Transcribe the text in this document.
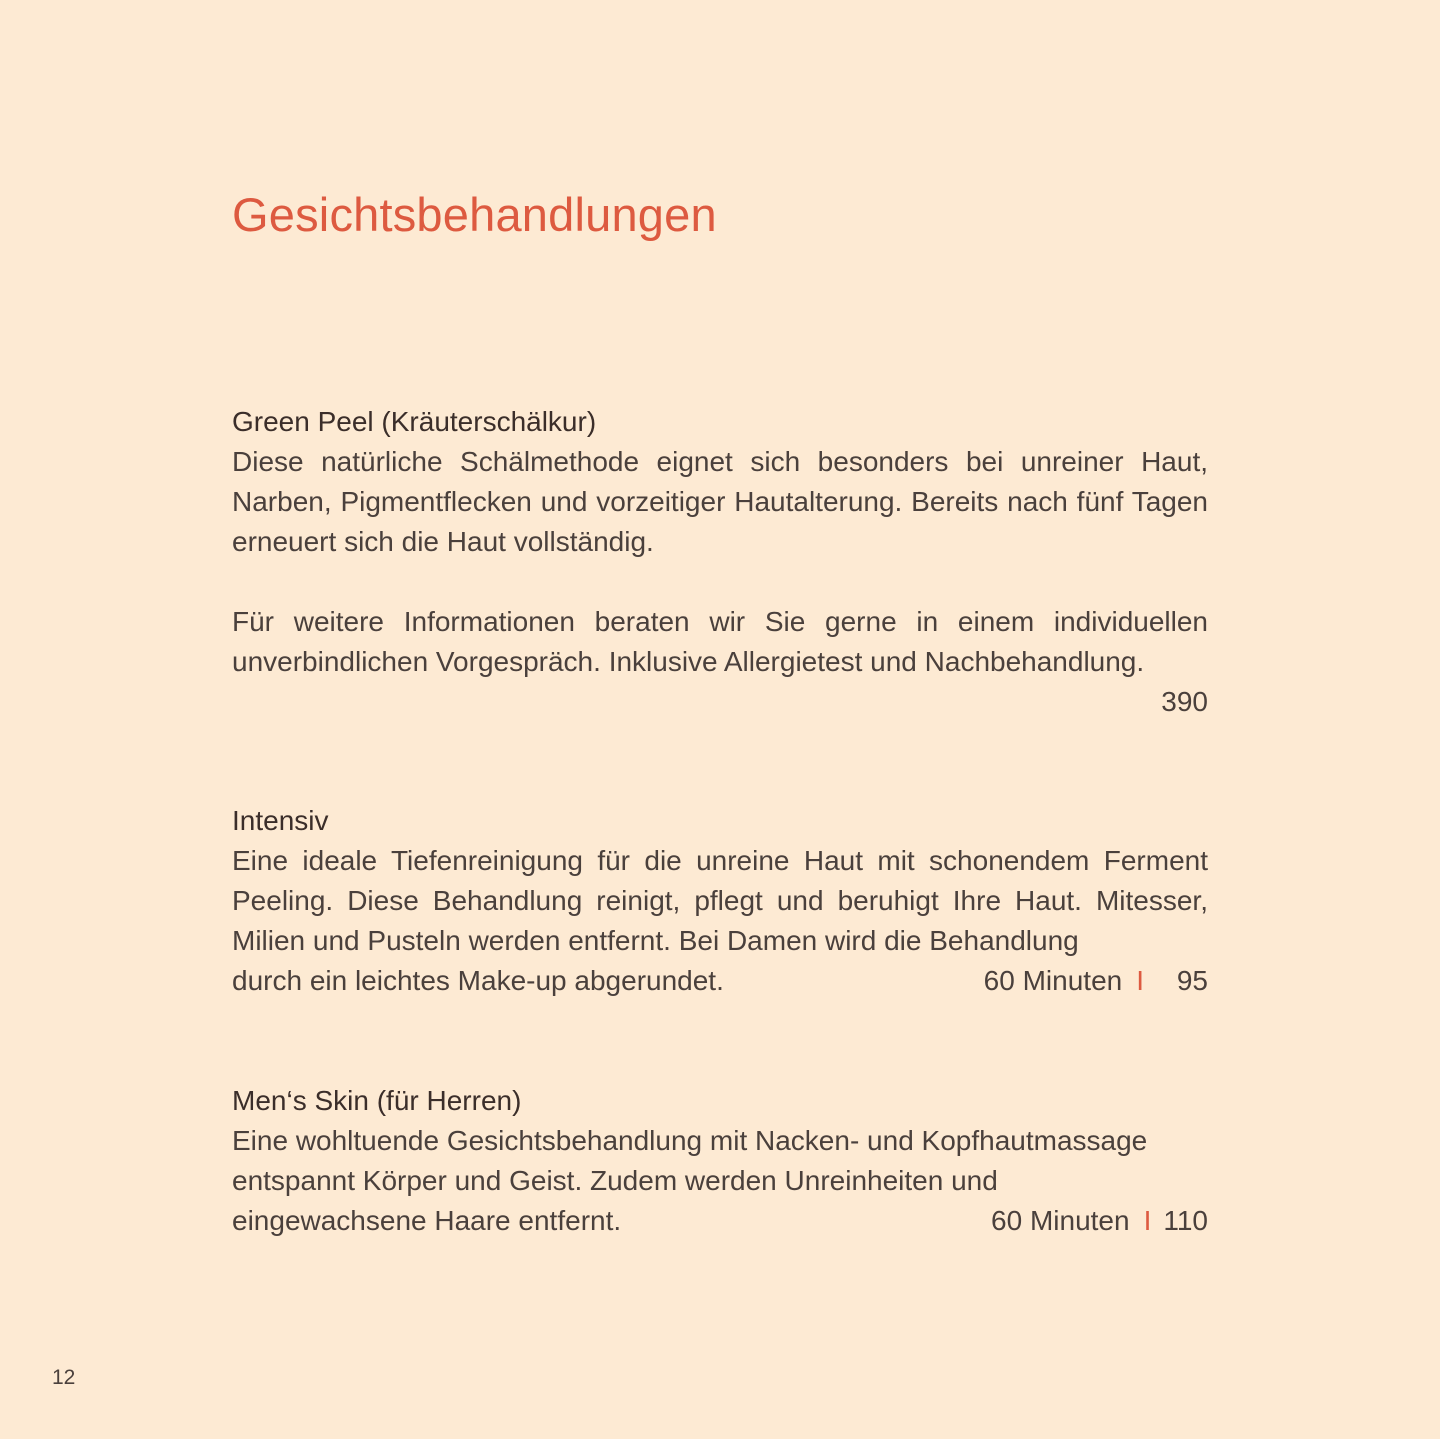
Gesichtsbehandlungen
Green Peel (Kräuterschälkur)

Diese natürliche Schälmethode eignet sich besonders bei unreiner Haut, Narben, Pigmentflecken und vorzeitiger Hautalterung. Bereits nach fünf Tagen erneuert sich die Haut vollständig.

Für weitere Informationen beraten wir Sie gerne in einem individuellen unverbindlichen Vorgespräch. Inklusive Allergietest und Nachbehandlung.

390
Intensiv

Eine ideale Tiefenreinigung für die unreine Haut mit schonendem Ferment Peeling. Diese Behandlung reinigt, pflegt und beruhigt Ihre Haut. Mitesser, Milien und Pusteln werden entfernt. Bei Damen wird die Behandlung

durch ein leichtes Make-up abgerundet.	60 Minuten I 95
Men‘s Skin (für Herren)
Eine wohltuende Gesichtsbehandlung mit Nacken- und Kopfhautmassage
entspannt Körper und Geist. Zudem werden Unreinheiten und
eingewachsene Haare entfernt.	60 Minuten I 110
12
